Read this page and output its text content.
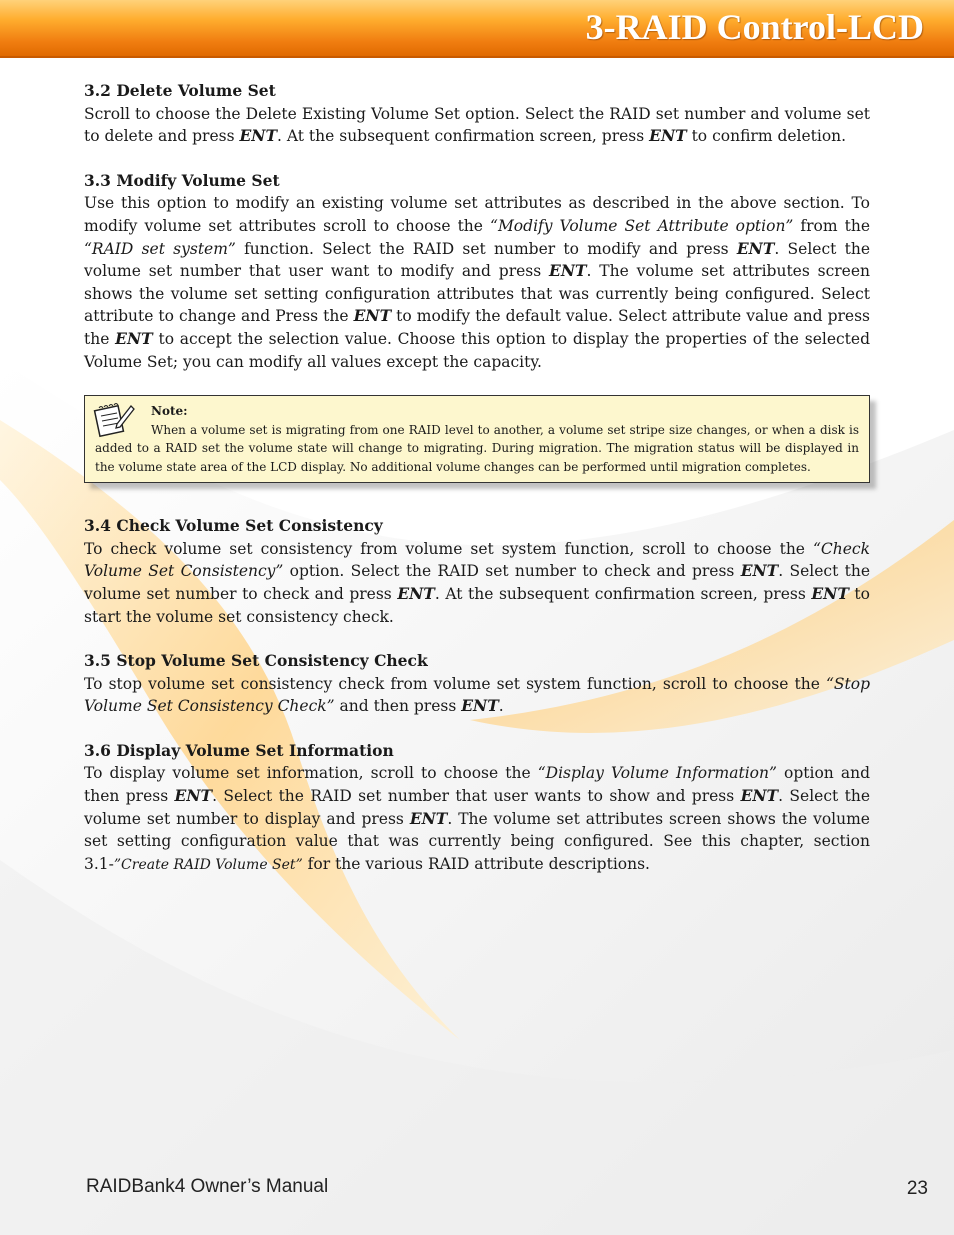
3-RAID Control-LCD
3.2 Delete Volume Set

Scroll to choose the Delete Existing Volume Set option. Select the RAID set number and volume set to delete and press ENT. At the subsequent confirmation screen, press ENT to confirm deletion.

3.3 Modify Volume Set

Use this option to modify an existing volume set attributes as described in the above section. To modify volume set attributes scroll to choose the “Modify Volume Set Attribute option” from the “RAID set system” function. Select the RAID set number to modify and press ENT. Select the volume set number that user want to modify and press ENT. The volume set attributes screen shows the volume set setting configuration attributes that was currently being configured. Select attribute to change and Press the ENT to modify the default value. Select attribute value and press the ENT to accept the selection value. Choose this option to display the properties of the selected Volume Set; you can modify all values except the capacity.

Note:
When a volume set is migrating from one RAID level to another, a volume set stripe size changes, or when a disk is added to a RAID set the volume state will change to migrating. During migration. The migration status will be displayed in the volume state area of the LCD display. No additional volume changes can be performed until migration completes.
3.4 Check Volume Set Consistency

To check volume set consistency from volume set system function, scroll to choose the “Check Volume Set Consistency” option. Select the RAID set number to check and press ENT. Select the volume set number to check and press ENT. At the subsequent confirmation screen, press ENT to start the volume set consistency check.

3.5 Stop Volume Set Consistency Check

To stop volume set consistency check from volume set system function, scroll to choose the “Stop Volume Set Consistency Check” and then press ENT.

3.6 Display Volume Set Information

To display volume set information, scroll to choose the “Display Volume Information” option and then press ENT. Select the RAID set number that user wants to show and press ENT. Select the volume set number to display and press ENT. The volume set attributes screen shows the volume set setting configuration value that was currently being configured. See this chapter, section 3.1-”Create RAID Volume Set” for the various RAID attribute descriptions.

RAIDBank4 Owner’s Manual	23
